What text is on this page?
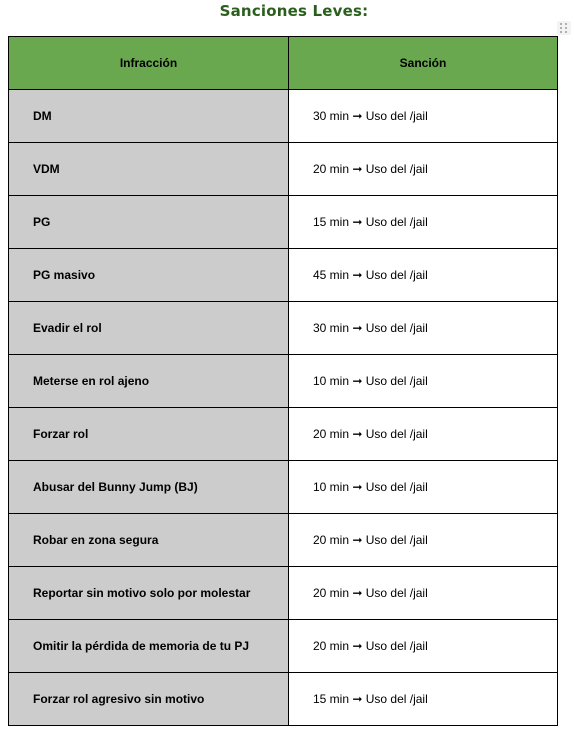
Sanciones Leves:
Infracción	Sanción
DM	30 min ➞ Uso del /jail
VDM	20 min ➞ Uso del /jail
PG	15 min ➞ Uso del /jail
PG masivo	45 min ➞ Uso del /jail
Evadir el rol	30 min ➞ Uso del /jail
Meterse en rol ajeno	10 min ➞ Uso del /jail
Forzar rol	20 min ➞ Uso del /jail
Abusar del Bunny Jump (BJ)	10 min ➞ Uso del /jail
Robar en zona segura	20 min ➞ Uso del /jail
Reportar sin motivo solo por molestar	20 min ➞ Uso del /jail
Omitir la pérdida de memoria de tu PJ	20 min ➞ Uso del /jail
Forzar rol agresivo sin motivo	15 min ➞ Uso del /jail
